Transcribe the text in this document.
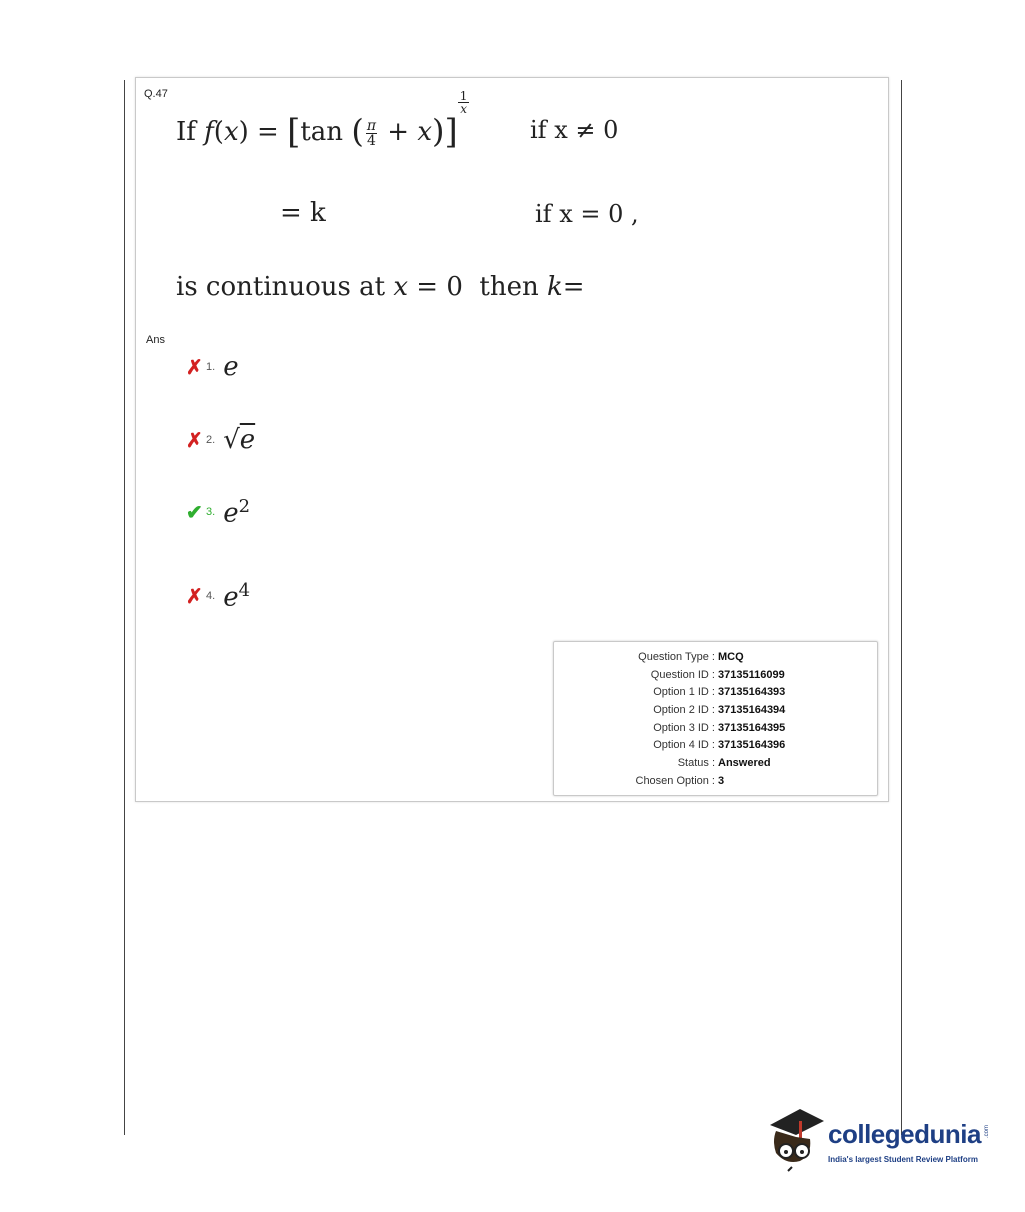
Q.47
If f(x) = [tan ( $\frac{\pi}{4} + x$)]
$\frac{1}{x}$
if x ≠ 0
= k	if x = 0 ,
is continuous at x = 0 then k=
Ans
✗ 1. e
✗ 2. √e
✔ 3. $e^2$
✗ 4. $e^4$
Question Type : MCQ
Question ID : 37135116099
Option 1 ID : 37135164393
Option 2 ID : 37135164394
Option 3 ID : 37135164395
Option 4 ID : 37135164396
Status : Answered
Chosen Option : 3
collegedunia .com
India's largest Student Review Platform
